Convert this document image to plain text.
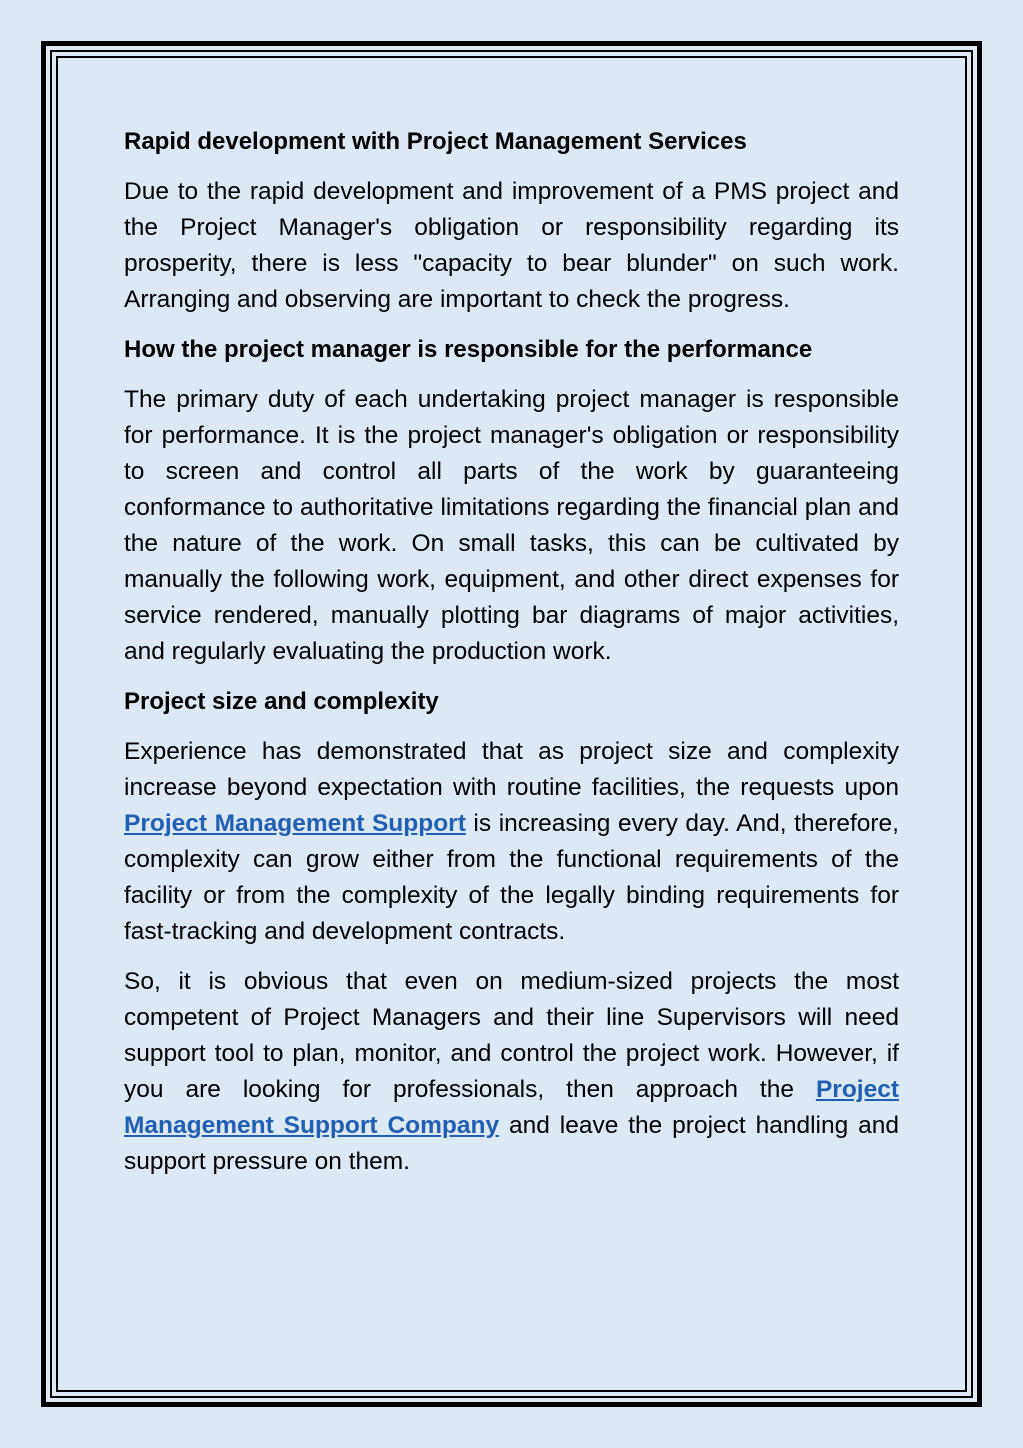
Rapid development with Project Management Services
Due to the rapid development and improvement of a PMS project and the Project Manager's obligation or responsibility regarding its prosperity, there is less "capacity to bear blunder" on such work. Arranging and observing are important to check the progress.
How the project manager is responsible for the performance
The primary duty of each undertaking project manager is responsible for performance. It is the project manager's obligation or responsibility to screen and control all parts of the work by guaranteeing conformance to authoritative limitations regarding the financial plan and the nature of the work. On small tasks, this can be cultivated by manually the following work, equipment, and other direct expenses for service rendered, manually plotting bar diagrams of major activities, and regularly evaluating the production work.
Project size and complexity
Experience has demonstrated that as project size and complexity increase beyond expectation with routine facilities, the requests upon Project Management Support is increasing every day. And, therefore, complexity can grow either from the functional requirements of the facility or from the complexity of the legally binding requirements for fast-tracking and development contracts.
So, it is obvious that even on medium-sized projects the most competent of Project Managers and their line Supervisors will need support tool to plan, monitor, and control the project work. However, if you are looking for professionals, then approach the Project Management Support Company and leave the project handling and support pressure on them.
